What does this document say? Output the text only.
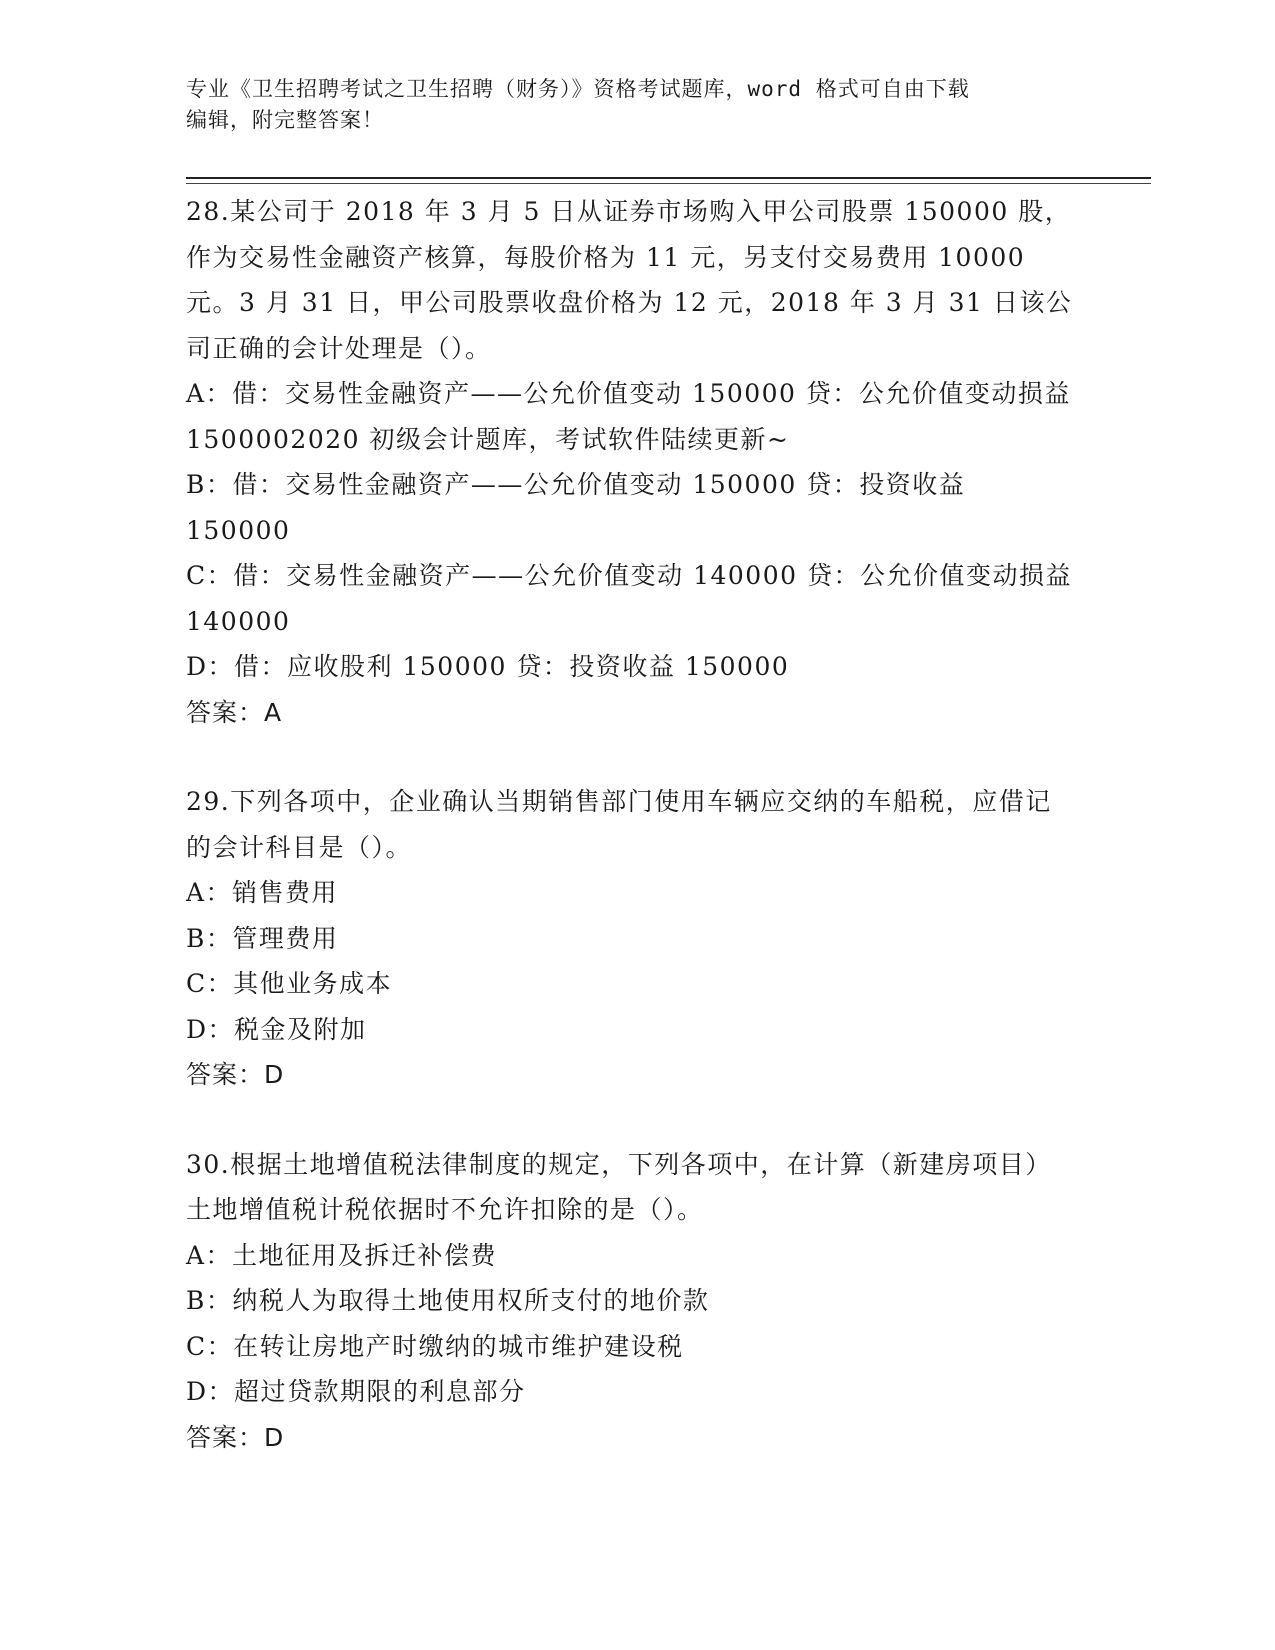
专业《卫生招聘考试之卫生招聘（财务）》资格考试题库，word 格式可自由下载

编辑，附完整答案！

28.某公司于 2018 年 3 月 5 日从证券市场购入甲公司股票 150000 股，作为交易性金融资产核算，每股价格为 11 元，另支付交易费用 10000 元。3 月 31 日，甲公司股票收盘价格为 12 元，2018 年 3 月 31 日该公司正确的会计处理是（）。

A：借：交易性金融资产——公允价值变动 150000 贷：公允价值变动损益 1500002020 初级会计题库，考试软件陆续更新~

B：借：交易性金融资产——公允价值变动 150000 贷：投资收益 150000

C：借：交易性金融资产——公允价值变动 140000 贷：公允价值变动损益 140000

D：借：应收股利 150000 贷：投资收益 150000

答案：A

29.下列各项中，企业确认当期销售部门使用车辆应交纳的车船税，应借记的会计科目是（）。

A：销售费用

B：管理费用

C：其他业务成本

D：税金及附加

答案：D

30.根据土地增值税法律制度的规定，下列各项中，在计算（新建房项目）土地增值税计税依据时不允许扣除的是（）。

A：土地征用及拆迁补偿费

B：纳税人为取得土地使用权所支付的地价款

C：在转让房地产时缴纳的城市维护建设税

D：超过贷款期限的利息部分

答案：D
